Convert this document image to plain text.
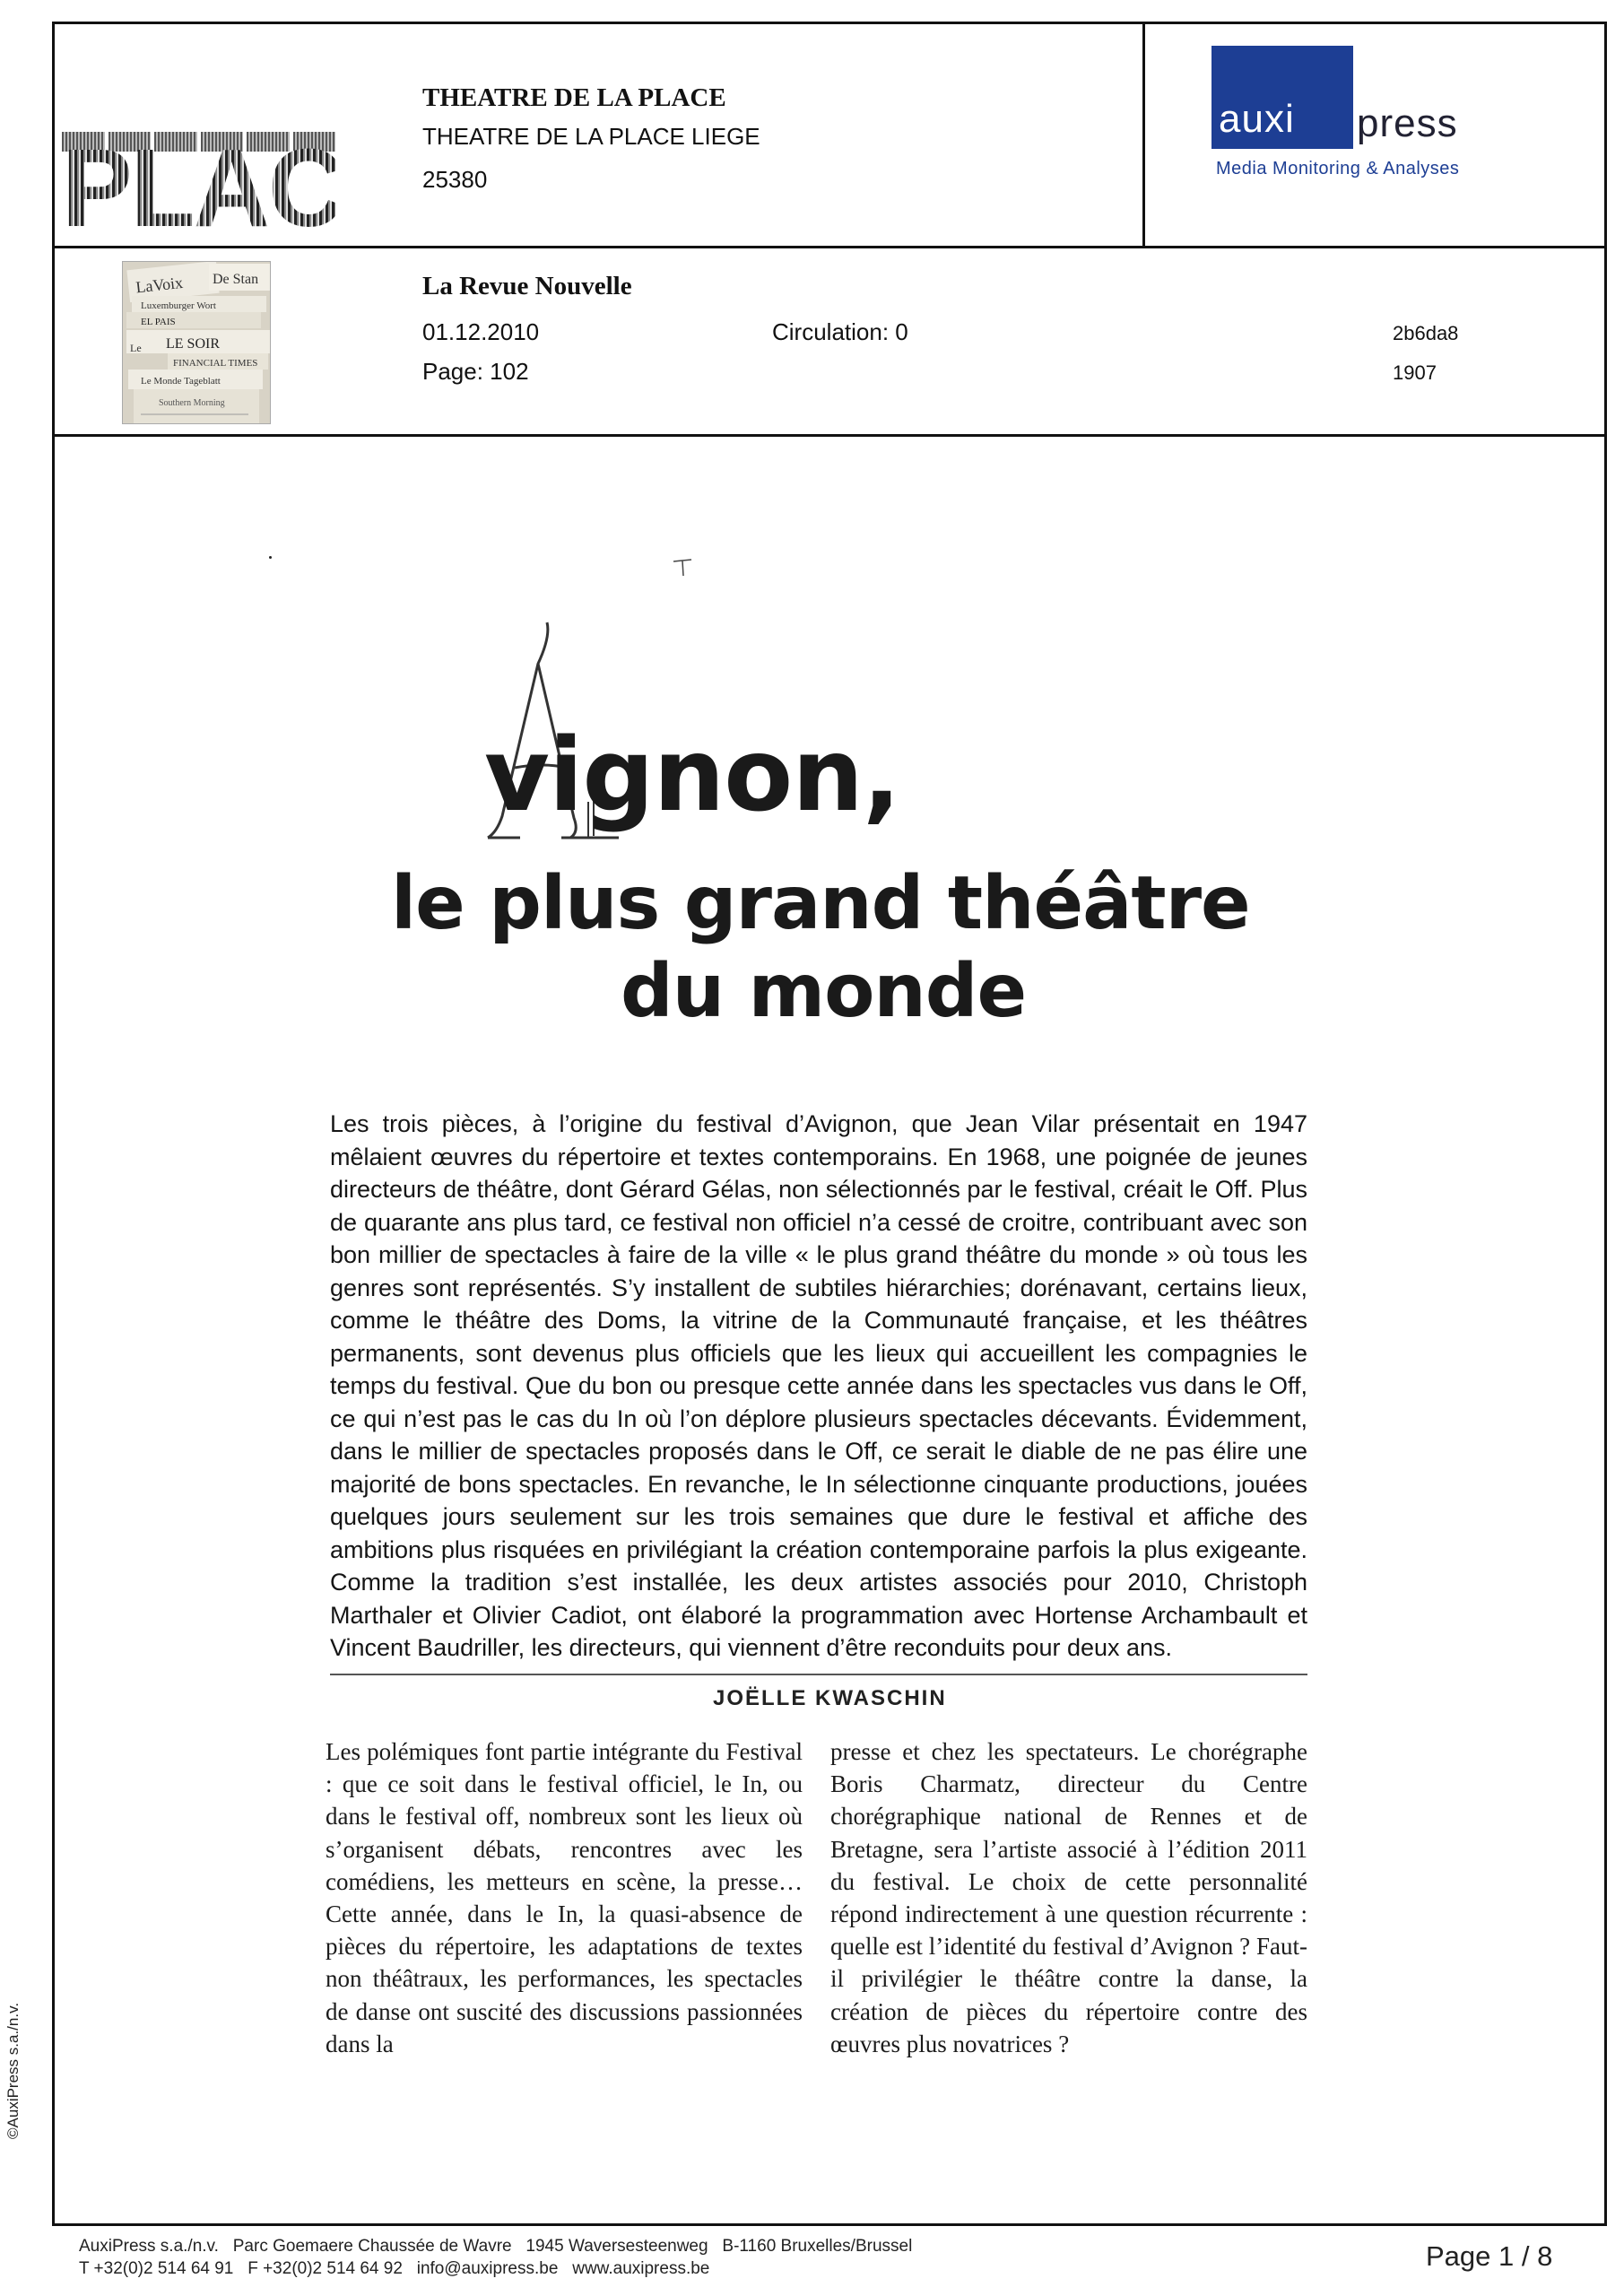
©AuxiPress s.a./n.v.
PLACE
THEATRE DE LA PLACE
THEATRE DE LA PLACE LIEGE
25380
auxi press
Media Monitoring & Analyses
LaVoix De Stan
Luxemburger Wort
EL PAIS
LE SOIR
Le
FINANCIAL TIMES
Le Monde Tageblatt
Southern Morning
La Revue Nouvelle
01.12.2010
Page: 102
Circulation: 0	2b6da8
1907
vignon,
le plus grand théâtre
du monde
Les trois pièces, à l’origine du festival d’Avignon, que Jean Vilar présentait en 1947 mêlaient œuvres du répertoire et textes contemporains. En 1968, une poignée de jeunes directeurs de théâtre, dont Gérard Gélas, non sélectionnés par le festival, créait le Off. Plus de quarante ans plus tard, ce festival non officiel n’a cessé de croitre, contribuant avec son bon millier de spectacles à faire de la ville « le plus grand théâtre du monde » où tous les genres sont représentés. S’y installent de subtiles hiérarchies; dorénavant, certains lieux, comme le théâtre des Doms, la vitrine de la Communauté française, et les théâtres permanents, sont devenus plus officiels que les lieux qui accueillent les compagnies le temps du festival. Que du bon ou presque cette année dans les spectacles vus dans le Off, ce qui n’est pas le cas du In où l’on déplore plusieurs spectacles décevants. Évidemment, dans le millier de spectacles proposés dans le Off, ce serait le diable de ne pas élire une majorité de bons spectacles. En revanche, le In sélectionne cinquante productions, jouées quelques jours seulement sur les trois semaines que dure le festival et affiche des ambitions plus risquées en privilégiant la création contemporaine parfois la plus exigeante. Comme la tradition s’est installée, les deux artistes associés pour 2010, Christoph Marthaler et Olivier Cadiot, ont élaboré la programmation avec Hortense Archambault et Vincent Baudriller, les directeurs, qui viennent d’être reconduits pour deux ans.
JOËLLE KWASCHIN
Les polémiques font partie intégrante du Festival : que ce soit dans le festival officiel, le In, ou dans le festival off, nombreux sont les lieux où s’organisent débats, rencontres avec les comédiens, les metteurs en scène, la presse… Cette année, dans le In, la quasi-absence de pièces du répertoire, les adaptations de textes non théâtraux, les performances, les spectacles de danse ont suscité des discussions passionnées dans la
presse et chez les spectateurs. Le chorégraphe Boris Charmatz, directeur du Centre chorégraphique national de Rennes et de Bretagne, sera l’artiste associé à l’édition 2011 du festival. Le choix de cette personnalité répond indirectement à une question récurrente : quelle est l’identité du festival d’Avignon ? Faut-il privilégier le théâtre contre la danse, la création de pièces du répertoire contre des œuvres plus novatrices ?
AuxiPress s.a./n.v.   Parc Goemaere Chaussée de Wavre   1945 Waversesteenweg   B-1160 Bruxelles/Brussel
T +32(0)2 514 64 91   F +32(0)2 514 64 92   info@auxipress.be   www.auxipress.be	Page 1 / 8
